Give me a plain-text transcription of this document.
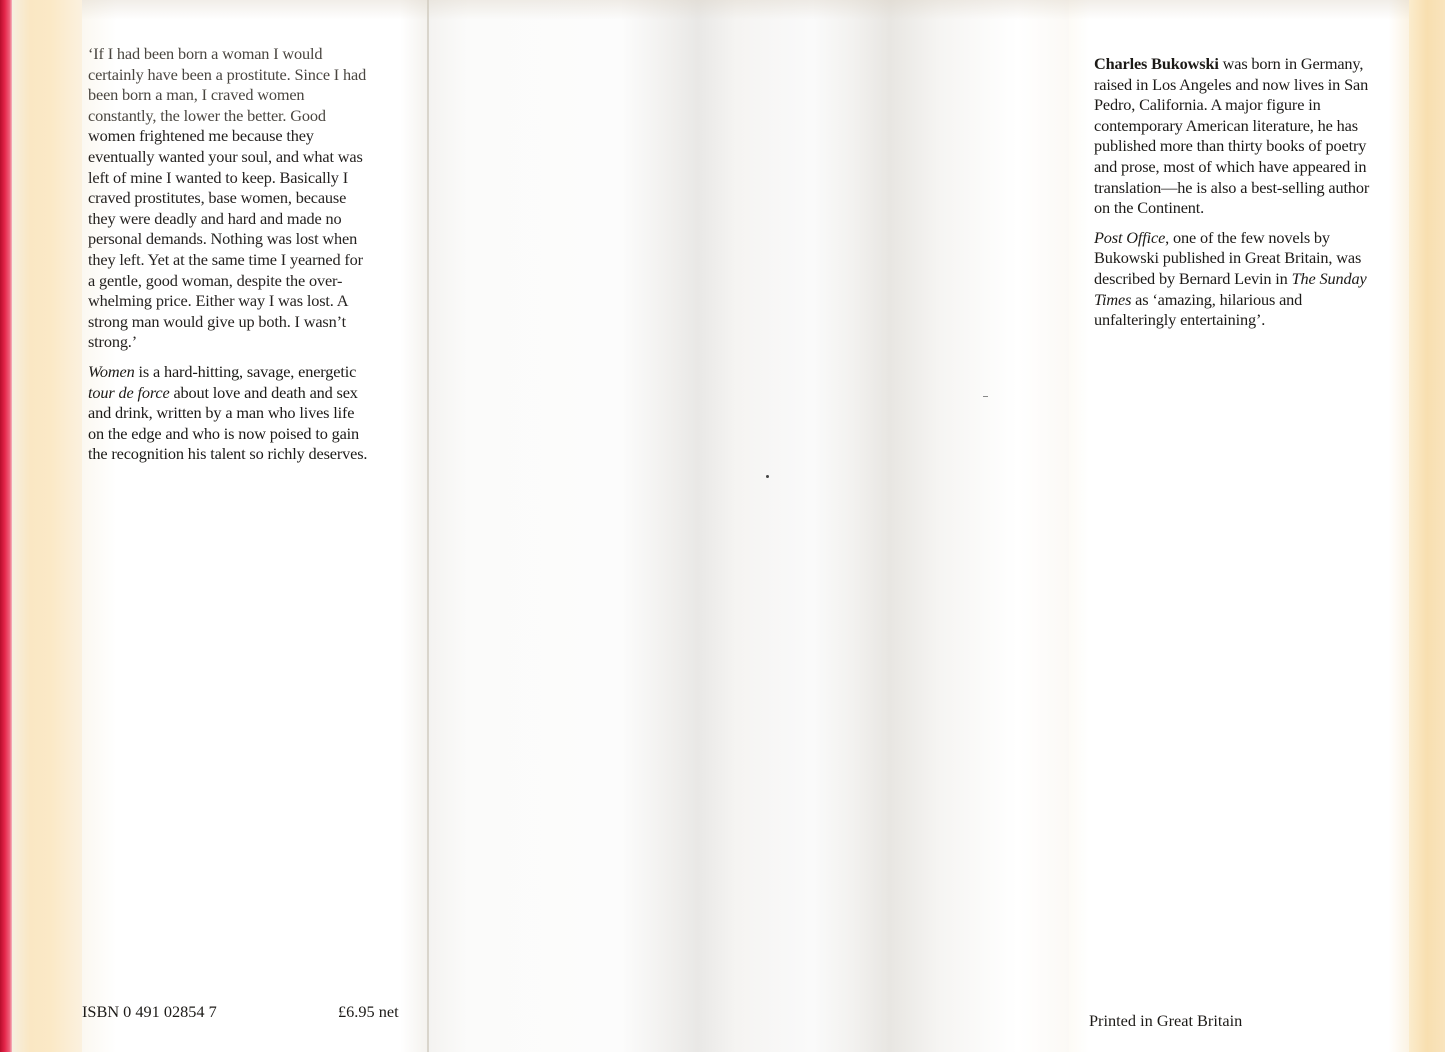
‘If I had been born a woman I would
certainly have been a prostitute. Since I had
been born a man, I craved women
constantly, the lower the better. Good
women frightened me because they
eventually wanted your soul, and what was
left of mine I wanted to keep. Basically I
craved prostitutes, base women, because
they were deadly and hard and made no
personal demands. Nothing was lost when
they left. Yet at the same time I yearned for
a gentle, good woman, despite the over-
whelming price. Either way I was lost. A
strong man would give up both. I wasn’t
strong.’

Women is a hard-hitting, savage, energetic
tour de force about love and death and sex
and drink, written by a man who lives life
on the edge and who is now poised to gain
the recognition his talent so richly deserves.

ISBN 0 491 02854 7	£6.95 net

Charles Bukowski was born in Germany,
raised in Los Angeles and now lives in San
Pedro, California. A major figure in
contemporary American literature, he has
published more than thirty books of poetry
and prose, most of which have appeared in
translation—he is also a best-selling author
on the Continent.

Post Office, one of the few novels by
Bukowski published in Great Britain, was
described by Bernard Levin in The Sunday
Times as ‘amazing, hilarious and
unfalteringly entertaining’.

Printed in Great Britain
